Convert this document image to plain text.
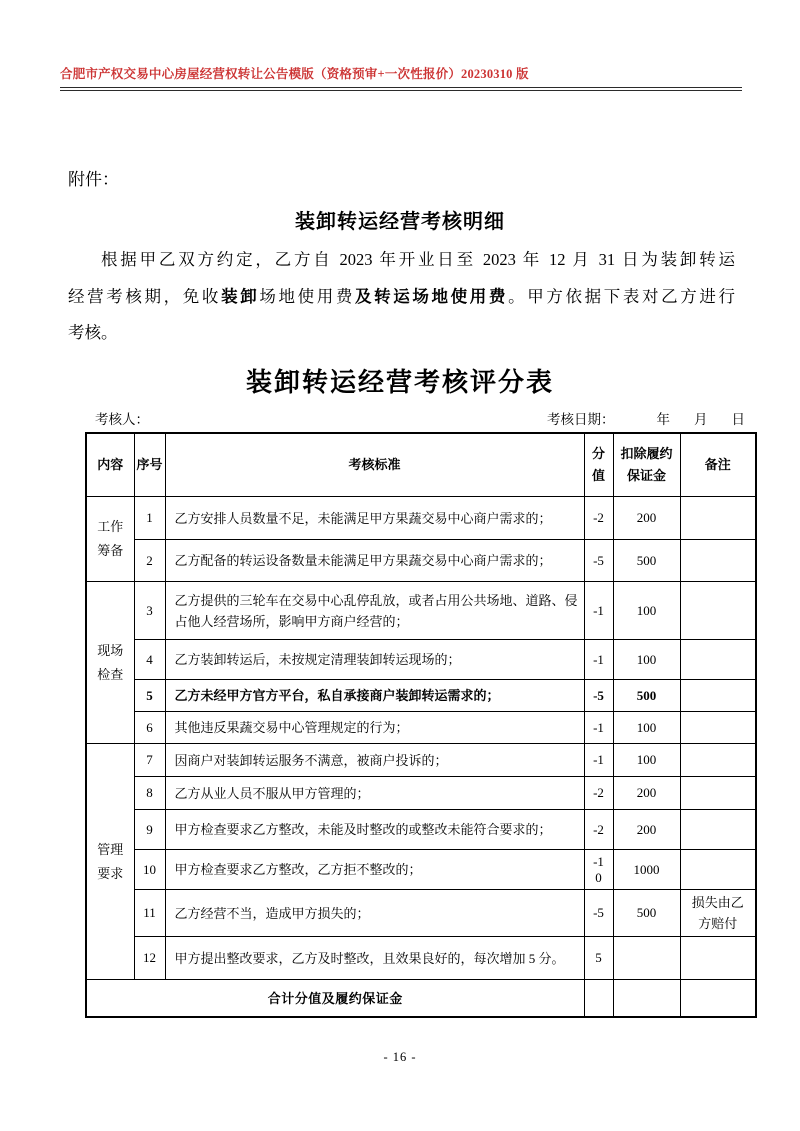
合肥市产权交易中心房屋经营权转让公告模版（资格预审+一次性报价）20230310 版
附件：
装卸转运经营考核明细
根据甲乙双方约定，乙方自 2023 年开业日至 2023 年 12 月 31 日为装卸转运
经营考核期，免收装卸场地使用费及转运场地使用费。甲方依据下表对乙方进行
考核。
装卸转运经营考核评分表
考核人：	考核日期：	年 月 日
内容	序号	考核标准	分值	扣除履约保证金	备注
工作筹备	1	乙方安排人员数量不足，未能满足甲方果蔬交易中心商户需求的；	-2	200	
	2	乙方配备的转运设备数量未能满足甲方果蔬交易中心商户需求的；	-5	500	
现场检查	3	乙方提供的三轮车在交易中心乱停乱放，或者占用公共场地、道路、侵占他人经营场所，影响甲方商户经营的；	-1	100	
	4	乙方装卸转运后，未按规定清理装卸转运现场的；	-1	100	
	5	乙方未经甲方官方平台，私自承接商户装卸转运需求的；	-5	500	
	6	其他违反果蔬交易中心管理规定的行为；	-1	100	
管理要求	7	因商户对装卸转运服务不满意，被商户投诉的；	-1	100	
	8	乙方从业人员不服从甲方管理的；	-2	200	
	9	甲方检查要求乙方整改，未能及时整改的或整改未能符合要求的；	-2	200	
	10	甲方检查要求乙方整改，乙方拒不整改的；	-10	1000	
	11	乙方经营不当，造成甲方损失的；	-5	500	损失由乙方赔付
	12	甲方提出整改要求，乙方及时整改，且效果良好的，每次增加 5 分。	5		
合计分值及履约保证金					
- 16 -
